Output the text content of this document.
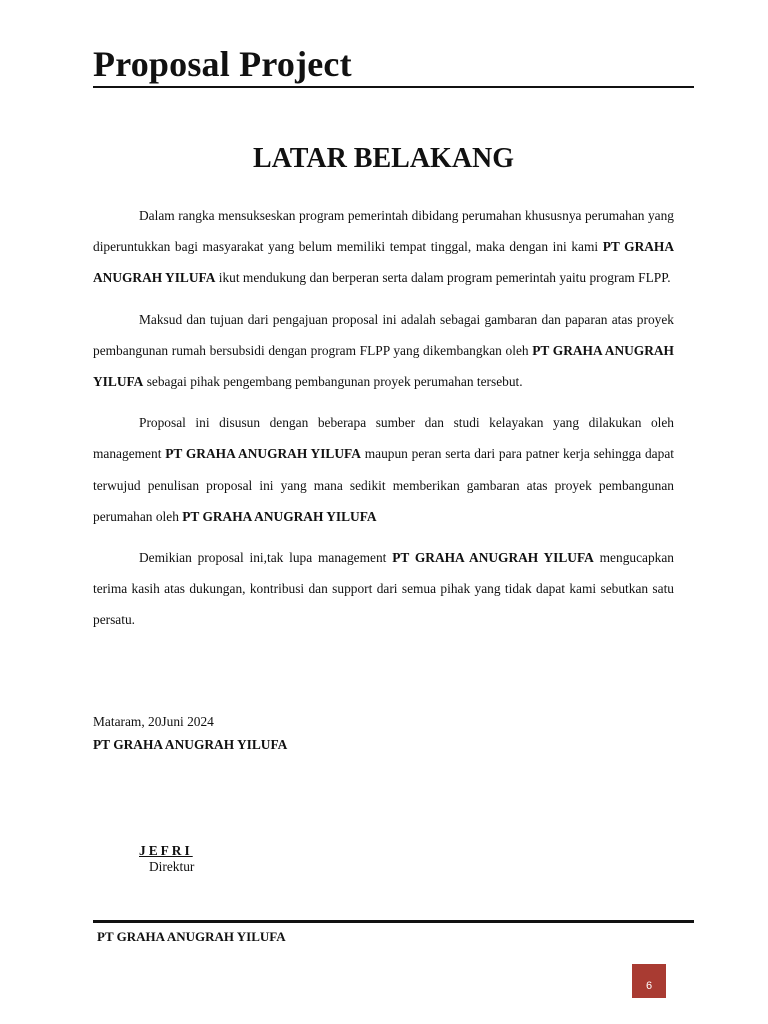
Proposal Project
LATAR BELAKANG

Dalam rangka mensukseskan program pemerintah dibidang perumahan khususnya perumahan yang diperuntukkan bagi masyarakat yang belum memiliki tempat tinggal, maka dengan ini kami PT GRAHA ANUGRAH YILUFA ikut mendukung dan berperan serta dalam program pemerintah yaitu program FLPP.

Maksud dan tujuan dari pengajuan proposal ini adalah sebagai gambaran dan paparan atas proyek pembangunan rumah bersubsidi dengan program FLPP yang dikembangkan oleh PT GRAHA ANUGRAH YILUFA sebagai pihak pengembang pembangunan proyek perumahan tersebut.

Proposal ini disusun dengan beberapa sumber dan studi kelayakan yang dilakukan oleh management PT GRAHA ANUGRAH YILUFA maupun peran serta dari para patner kerja sehingga dapat terwujud penulisan proposal ini yang mana sedikit memberikan gambaran atas proyek pembangunan perumahan oleh PT GRAHA ANUGRAH YILUFA

Demikian proposal ini,tak lupa management PT GRAHA ANUGRAH YILUFA mengucapkan terima kasih atas dukungan, kontribusi dan support dari semua pihak yang tidak dapat kami sebutkan satu persatu.

Mataram, 20Juni 2024
PT GRAHA ANUGRAH YILUFA
JEFRI
Direktur
PT GRAHA ANUGRAH YILUFA
6
